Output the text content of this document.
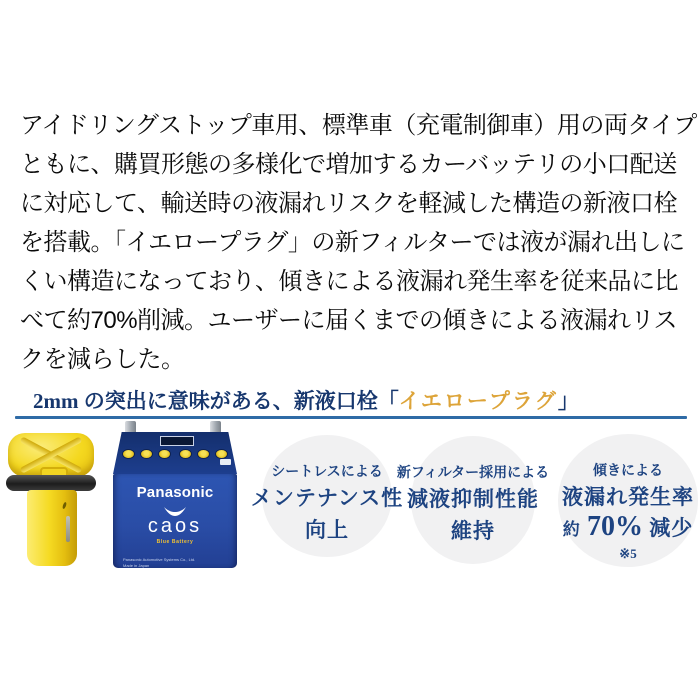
アイドリングストップ車用、標準車（充電制御車）用の両タイプともに、購買形態の多様化で増加するカーバッテリの小口配送に対応して、輸送時の液漏れリスクを軽減した構造の新液口栓を搭載。「イエロープラグ」の新フィルターでは液が漏れ出しにくい構造になっており、傾きによる液漏れ発生率を従来品に比べて約70%削減。ユーザーに届くまでの傾きによる液漏れリスクを減らした。

2mm の突出に意味がある、新液口栓「イエロープラグ」
Panasonic
caos
Blue Battery
Panasonic Automotive Systems Co., Ltd.
Made in Japan
シートレスによる
メンテナンス性
向上
新フィルター採用による
減液抑制性能
維持
傾きによる
液漏れ発生率
約 70% 減少
※5
